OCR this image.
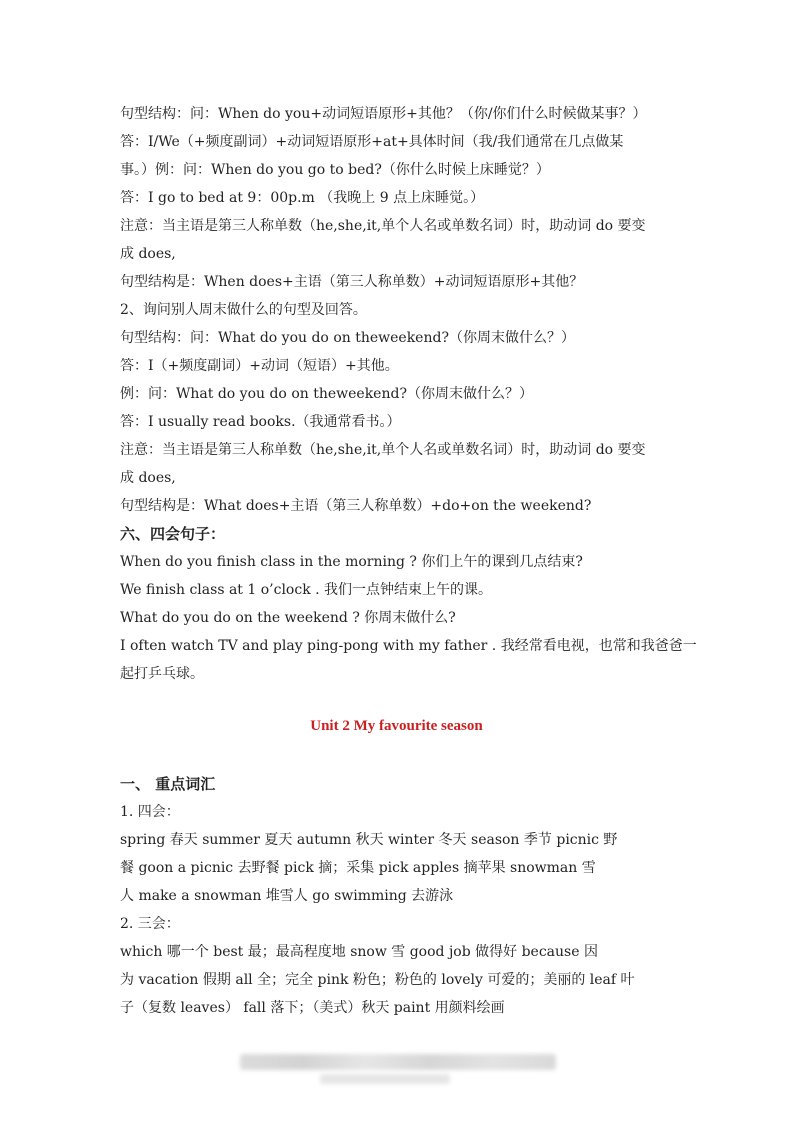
句型结构：问：When do you+动词短语原形+其他？（你/你们什么时候做某事？）
答：I/We（+频度副词）+动词短语原形+at+具体时间（我/我们通常在几点做某
事。）例：问：When do you go to bed?（你什么时候上床睡觉？）
答：I go to bed at 9：00p.m （我晚上 9 点上床睡觉。）
注意：当主语是第三人称单数（he,she,it,单个人名或单数名词）时，助动词 do 要变
成 does,
句型结构是：When does+主语（第三人称单数）+动词短语原形+其他？
2、询问别人周末做什么的句型及回答。
句型结构：问：What do you do on theweekend?（你周末做什么？）
答：I（+频度副词）+动词（短语）+其他。
例：问：What do you do on theweekend?（你周末做什么？）
答：I usually read books.（我通常看书。）
注意：当主语是第三人称单数（he,she,it,单个人名或单数名词）时，助动词 do 要变
成 does,
句型结构是：What does+主语（第三人称单数）+do+on the weekend?
六、四会句子：
When do you finish class in the morning ? 你们上午的课到几点结束?
We finish class at 1 o’clock . 我们一点钟结束上午的课。
What do you do on the weekend ? 你周末做什么?
I often watch TV and play ping-pong with my father . 我经常看电视，也常和我爸爸一
起打乒乓球。
Unit 2 My favourite season
一、 重点词汇
1. 四会：
spring 春天 summer 夏天 autumn 秋天 winter 冬天 season 季节 picnic 野
餐 goon a picnic 去野餐 pick 摘；采集 pick apples 摘苹果 snowman 雪
人 make a snowman 堆雪人 go swimming 去游泳
2. 三会：
which 哪一个 best 最；最高程度地 snow 雪 good job 做得好 because 因
为 vacation 假期 all 全；完全 pink 粉色；粉色的 lovely 可爱的；美丽的 leaf 叶
子（复数 leaves） fall 落下；（美式）秋天 paint 用颜料绘画
